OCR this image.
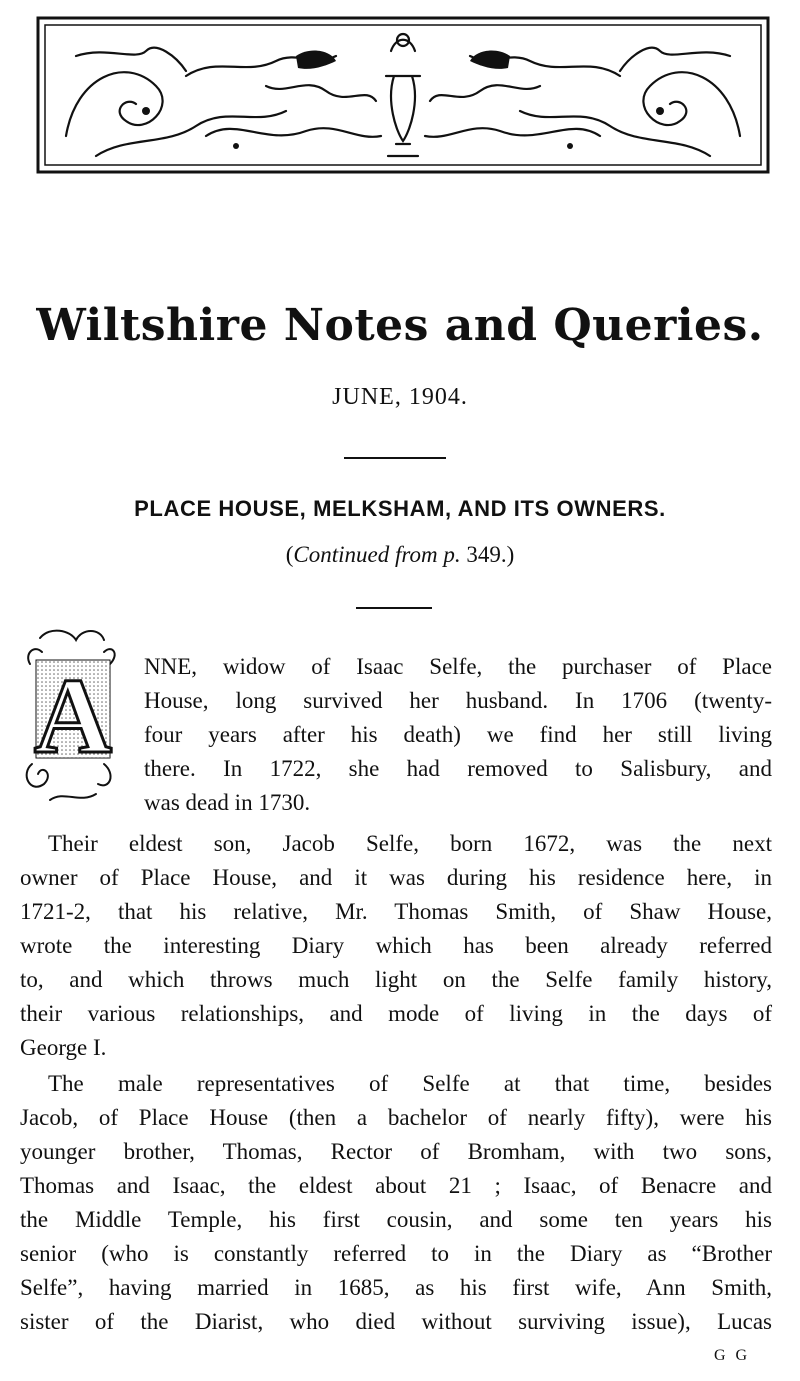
Wiltshire Notes and Queries.
JUNE, 1904.
PLACE HOUSE, MELKSHAM, AND ITS OWNERS.
(Continued from p. 349.)
A NNE, widow of Isaac Selfe, the purchaser of Place
House, long survived her husband. In 1706 (twenty-
four years after his death) we find her still living
there. In 1722, she had removed to Salisbury, and
was dead in 1730.
Their eldest son, Jacob Selfe, born 1672, was the next
owner of Place House, and it was during his residence here, in
1721-2, that his relative, Mr. Thomas Smith, of Shaw House,
wrote the interesting Diary which has been already referred
to, and which throws much light on the Selfe family history,
their various relationships, and mode of living in the days of
George I.
The male representatives of Selfe at that time, besides
Jacob, of Place House (then a bachelor of nearly fifty), were his
younger brother, Thomas, Rector of Bromham, with two sons,
Thomas and Isaac, the eldest about 21 ; Isaac, of Benacre and
the Middle Temple, his first cousin, and some ten years his
senior (who is constantly referred to in the Diary as “Brother
Selfe”, having married in 1685, as his first wife, Ann Smith,
sister of the Diarist, who died without surviving issue), Lucas
G G
